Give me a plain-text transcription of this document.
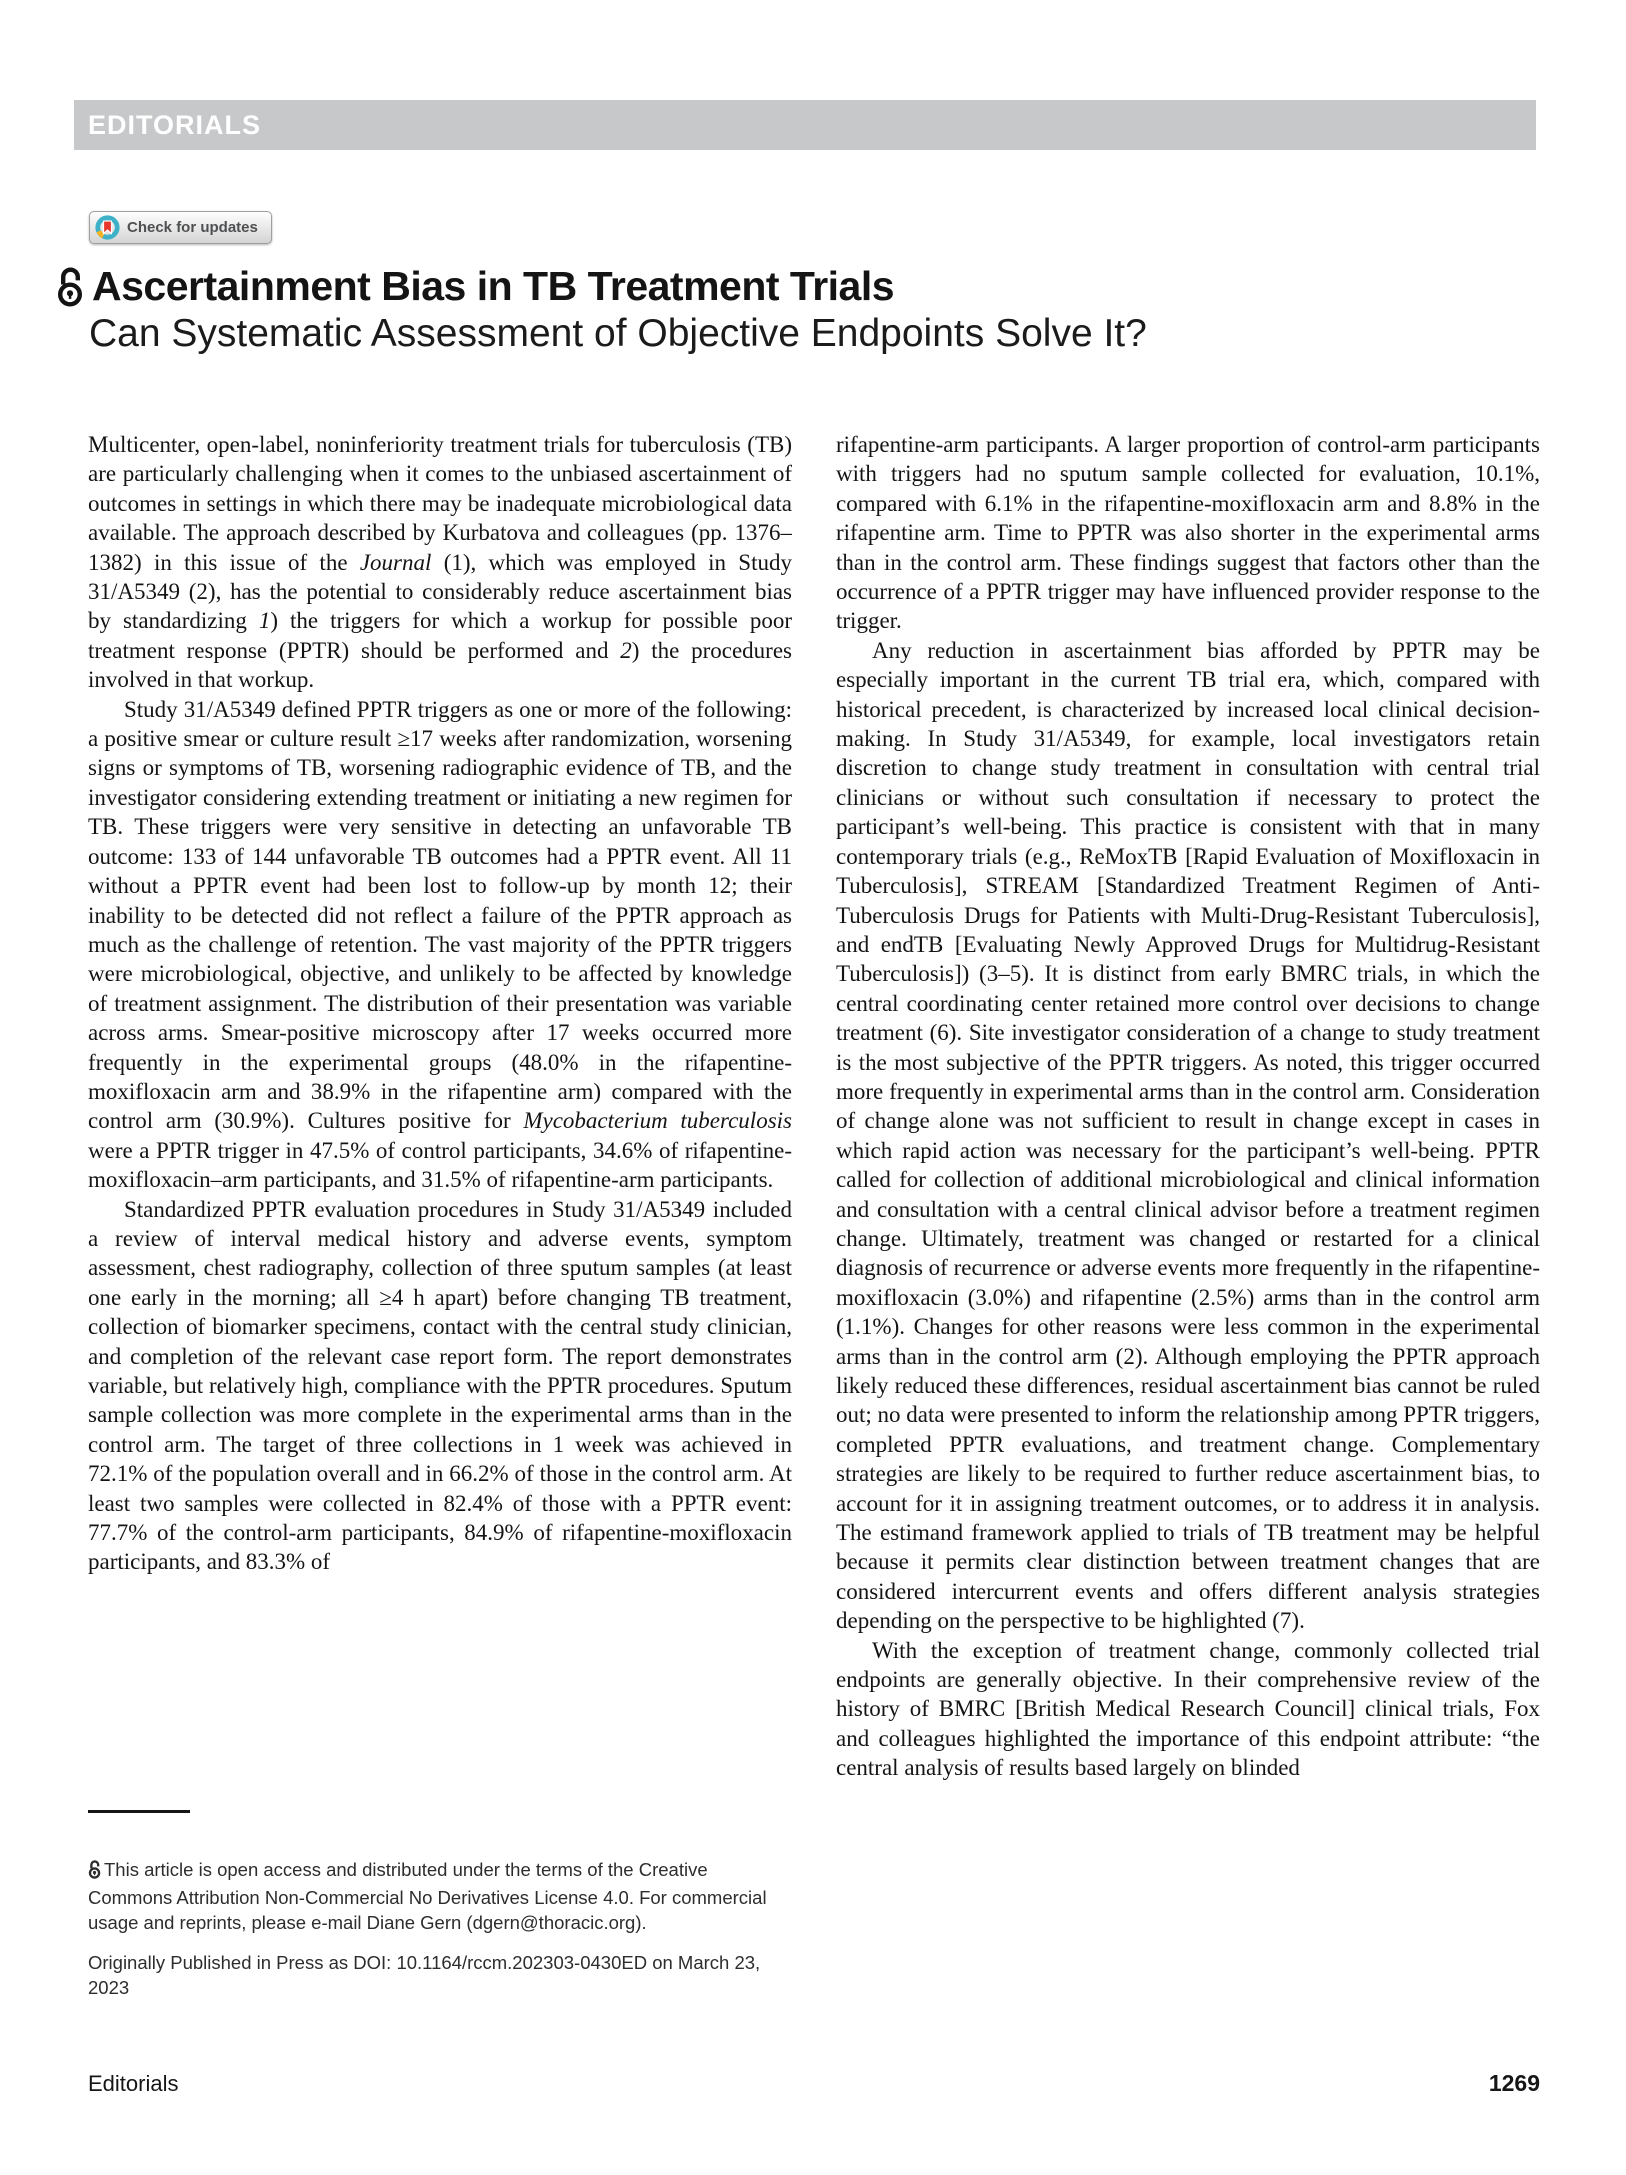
EDITORIALS
Check for updates
Ascertainment Bias in TB Treatment Trials
Can Systematic Assessment of Objective Endpoints Solve It?

Multicenter, open-label, noninferiority treatment trials for tuberculosis (TB) are particularly challenging when it comes to the unbiased ascertainment of outcomes in settings in which there may be inadequate microbiological data available. The approach described by Kurbatova and colleagues (pp. 1376–1382) in this issue of the Journal (1), which was employed in Study 31/A5349 (2), has the potential to considerably reduce ascertainment bias by standardizing 1) the triggers for which a workup for possible poor treatment response (PPTR) should be performed and 2) the procedures involved in that workup.

Study 31/A5349 defined PPTR triggers as one or more of the following: a positive smear or culture result ≥17 weeks after randomization, worsening signs or symptoms of TB, worsening radiographic evidence of TB, and the investigator considering extending treatment or initiating a new regimen for TB. These triggers were very sensitive in detecting an unfavorable TB outcome: 133 of 144 unfavorable TB outcomes had a PPTR event. All 11 without a PPTR event had been lost to follow-up by month 12; their inability to be detected did not reflect a failure of the PPTR approach as much as the challenge of retention. The vast majority of the PPTR triggers were microbiological, objective, and unlikely to be affected by knowledge of treatment assignment. The distribution of their presentation was variable across arms. Smear-positive microscopy after 17 weeks occurred more frequently in the experimental groups (48.0% in the rifapentine-moxifloxacin arm and 38.9% in the rifapentine arm) compared with the control arm (30.9%). Cultures positive for Mycobacterium tuberculosis were a PPTR trigger in 47.5% of control participants, 34.6% of rifapentine-moxifloxacin–arm participants, and 31.5% of rifapentine-arm participants.

Standardized PPTR evaluation procedures in Study 31/A5349 included a review of interval medical history and adverse events, symptom assessment, chest radiography, collection of three sputum samples (at least one early in the morning; all ≥4 h apart) before changing TB treatment, collection of biomarker specimens, contact with the central study clinician, and completion of the relevant case report form. The report demonstrates variable, but relatively high, compliance with the PPTR procedures. Sputum sample collection was more complete in the experimental arms than in the control arm. The target of three collections in 1 week was achieved in 72.1% of the population overall and in 66.2% of those in the control arm. At least two samples were collected in 82.4% of those with a PPTR event: 77.7% of the control-arm participants, 84.9% of rifapentine-moxifloxacin participants, and 83.3% of

rifapentine-arm participants. A larger proportion of control-arm participants with triggers had no sputum sample collected for evaluation, 10.1%, compared with 6.1% in the rifapentine-moxifloxacin arm and 8.8% in the rifapentine arm. Time to PPTR was also shorter in the experimental arms than in the control arm. These findings suggest that factors other than the occurrence of a PPTR trigger may have influenced provider response to the trigger.

Any reduction in ascertainment bias afforded by PPTR may be especially important in the current TB trial era, which, compared with historical precedent, is characterized by increased local clinical decision-making. In Study 31/A5349, for example, local investigators retain discretion to change study treatment in consultation with central trial clinicians or without such consultation if necessary to protect the participant’s well-being. This practice is consistent with that in many contemporary trials (e.g., ReMoxTB [Rapid Evaluation of Moxifloxacin in Tuberculosis], STREAM [Standardized Treatment Regimen of Anti-Tuberculosis Drugs for Patients with Multi-Drug-Resistant Tuberculosis], and endTB [Evaluating Newly Approved Drugs for Multidrug-Resistant Tuberculosis]) (3–5). It is distinct from early BMRC trials, in which the central coordinating center retained more control over decisions to change treatment (6). Site investigator consideration of a change to study treatment is the most subjective of the PPTR triggers. As noted, this trigger occurred more frequently in experimental arms than in the control arm. Consideration of change alone was not sufficient to result in change except in cases in which rapid action was necessary for the participant’s well-being. PPTR called for collection of additional microbiological and clinical information and consultation with a central clinical advisor before a treatment regimen change. Ultimately, treatment was changed or restarted for a clinical diagnosis of recurrence or adverse events more frequently in the rifapentine-moxifloxacin (3.0%) and rifapentine (2.5%) arms than in the control arm (1.1%). Changes for other reasons were less common in the experimental arms than in the control arm (2). Although employing the PPTR approach likely reduced these differences, residual ascertainment bias cannot be ruled out; no data were presented to inform the relationship among PPTR triggers, completed PPTR evaluations, and treatment change. Complementary strategies are likely to be required to further reduce ascertainment bias, to account for it in assigning treatment outcomes, or to address it in analysis. The estimand framework applied to trials of TB treatment may be helpful because it permits clear distinction between treatment changes that are considered intercurrent events and offers different analysis strategies depending on the perspective to be highlighted (7).

With the exception of treatment change, commonly collected trial endpoints are generally objective. In their comprehensive review of the history of BMRC [British Medical Research Council] clinical trials, Fox and colleagues highlighted the importance of this endpoint attribute: “the central analysis of results based largely on blinded

This article is open access and distributed under the terms of the Creative Commons Attribution Non-Commercial No Derivatives License 4.0. For commercial usage and reprints, please e-mail Diane Gern (dgern@thoracic.org).
Originally Published in Press as DOI: 10.1164/rccm.202303-0430ED on March 23, 2023
Editorials	1269
